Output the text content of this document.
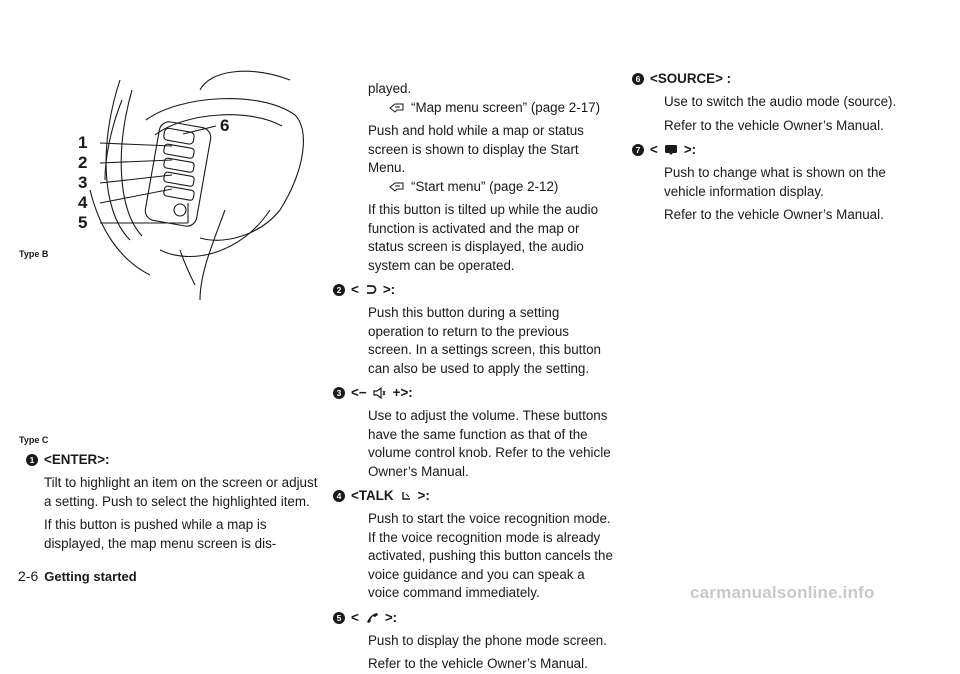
1
2
3
4
5
6
Type B
Type C
1 <ENTER>:

Tilt to highlight an item on the screen or adjust a setting. Push to select the highlighted item.

If this button is pushed while a map is displayed, the map menu screen is dis-

played.

“Map menu screen” (page 2-17)

Push and hold while a map or status screen is shown to display the Start Menu.

“Start menu” (page 2-12)

If this button is tilted up while the audio function is activated and the map or status screen is displayed, the audio system can be operated.

2 < >:

Push this button during a setting operation to return to the previous screen. In a settings screen, this button can also be used to apply the setting.

3 <− +>:

Use to adjust the volume. These buttons have the same function as that of the volume control knob. Refer to the vehicle Owner’s Manual.

4 <TALK >:

Push to start the voice recognition mode. If the voice recognition mode is already activated, pushing this button cancels the voice guidance and you can speak a voice command immediately.

5 < >:

Push to display the phone mode screen.

Refer to the vehicle Owner’s Manual.

6 <SOURCE> :

Use to switch the audio mode (source).

Refer to the vehicle Owner’s Manual.

7 < >:

Push to change what is shown on the vehicle information display.

Refer to the vehicle Owner’s Manual.

2-6 Getting started
carmanualsonline.info
